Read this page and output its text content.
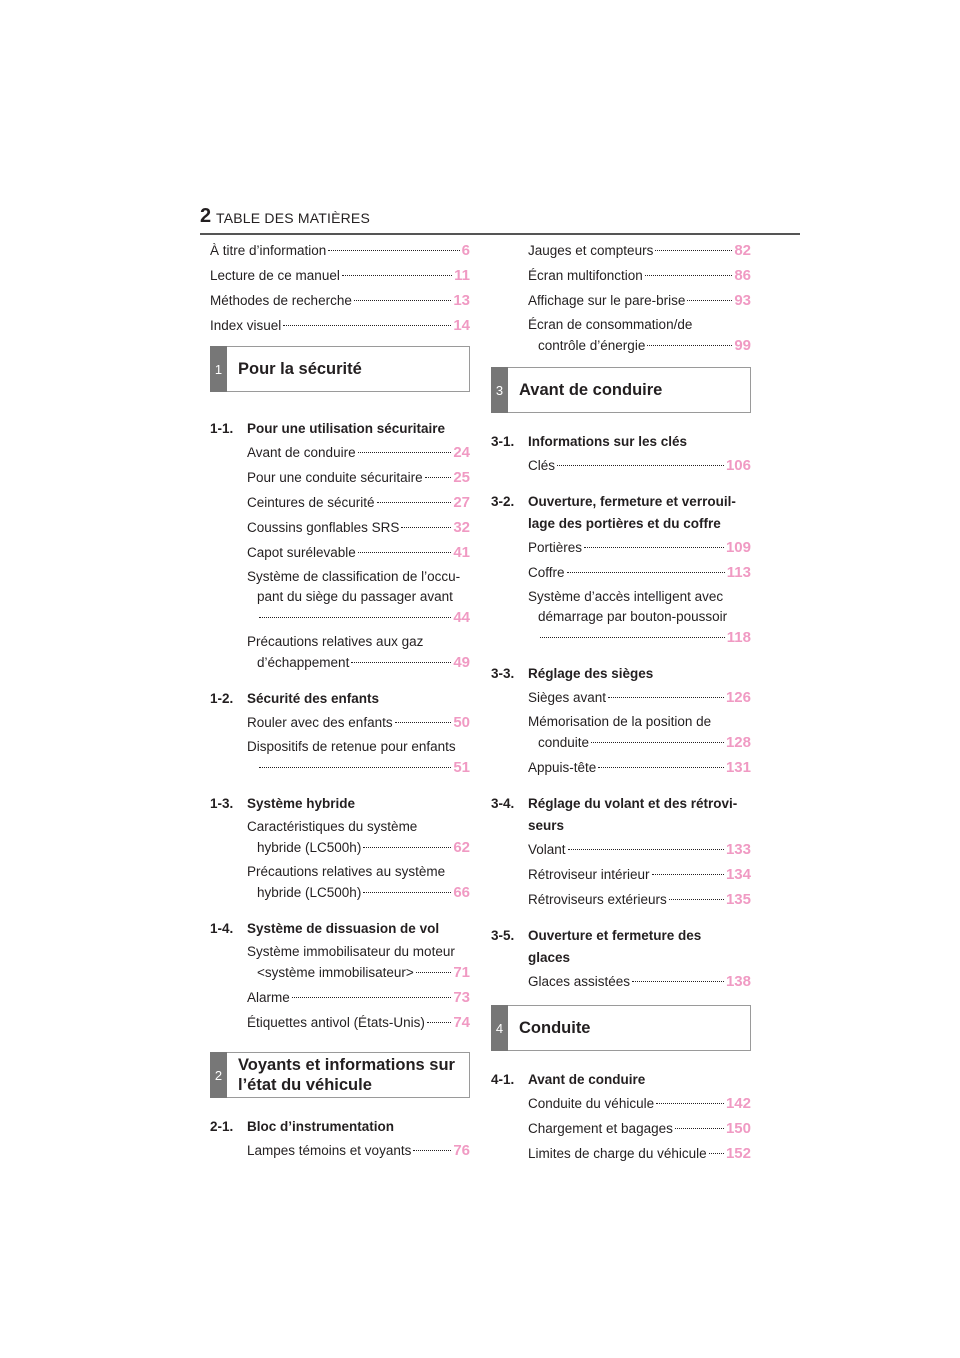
2 TABLE DES MATIÈRES
À titre d’information	6
Lecture de ce manuel	11
Méthodes de recherche	13
Index visuel	14
1 Pour la sécurité
1-1.	Pour une utilisation sécuritaire
Avant de conduire	24
Pour une conduite sécuritaire 25
Ceintures de sécurité	27
Coussins gonflables SRS	32
Capot surélevable	41
Système de classification de l’occu-
pant du siège du passager avant
44
Précautions relatives aux gaz
d’échappement	49
1-2.	Sécurité des enfants
Rouler avec des enfants	50
Dispositifs de retenue pour enfants
51
1-3.	Système hybride
Caractéristiques du système
hybride (LC500h)	62
Précautions relatives au système
hybride (LC500h)	66
1-4.	Système de dissuasion de vol
Système immobilisateur du moteur
<système immobilisateur>	71
Alarme	73
Étiquettes antivol (États-Unis) 74
2
Voyants et informations sur
l’état du véhicule
2-1.	Bloc d’instrumentation
Lampes témoins et voyants	76
Jauges et compteurs	82
Écran multifonction	86
Affichage sur le pare-brise	93
Écran de consommation/de
contrôle d’énergie	99
3 Avant de conduire
3-1.	Informations sur les clés
Clés	106
3-2.	Ouverture, fermeture et verrouil-
lage des portières et du coffre
Portières	109
Coffre	113
Système d’accès intelligent avec
démarrage par bouton-poussoir
118
3-3.	Réglage des sièges
Sièges avant	126
Mémorisation de la position de
conduite	128
Appuis-tête	131
3-4.	Réglage du volant et des rétrovi-
seurs
Volant	133
Rétroviseur intérieur	134
Rétroviseurs extérieurs	135
3-5.	Ouverture et fermeture des
glaces
Glaces assistées	138
4 Conduite
4-1.	Avant de conduire
Conduite du véhicule	142
Chargement et bagages	150
Limites de charge du véhicule 152
